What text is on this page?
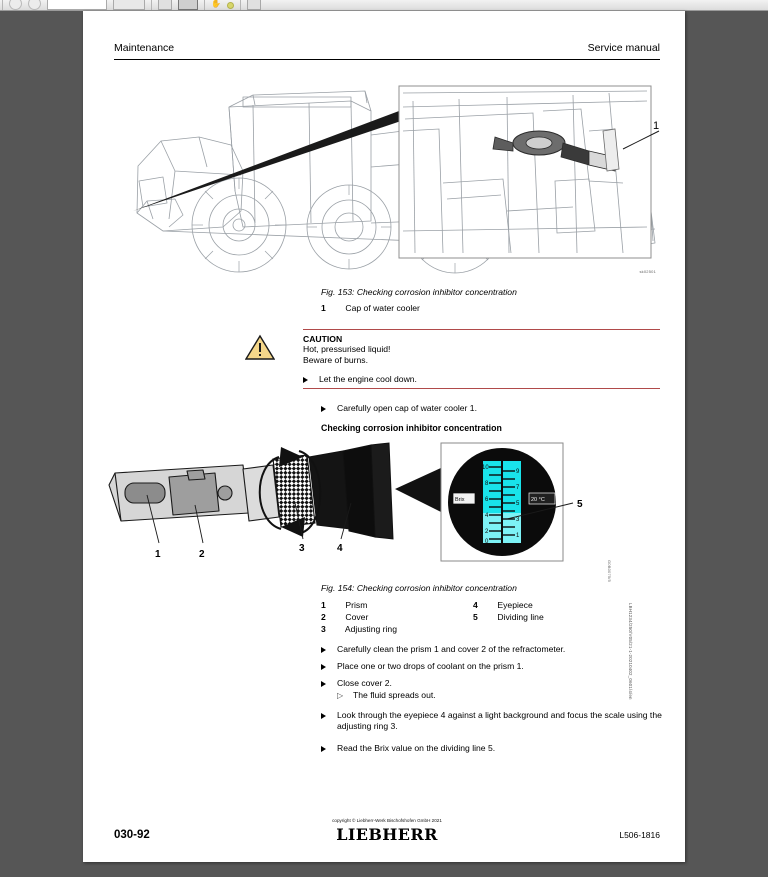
✋
Maintenance	Service manual
1
sk02501
Fig. 153: Checking corrosion inhibitor concentration
1 Cap of water cooler
CAUTION
Hot, pressurised liquid!
Beware of burns.
Let the engine cool down.
Carefully open cap of water cooler 1.
Checking corrosion inhibitor concentration
10
8
6
4
2
0
9
7
5
3
1
%
Brix	20 °C
1	2
3	4
5
G0B0075/5
Fig. 154: Checking corrosion inhibitor concentration
1 Prism
2 Cover
3 Adjusting ring
4 Eyepiece
5 Dividing line
Carefully clean the prism 1 and cover 2 of the refractometer.
Place one or two drops of coolant on the prism 1.
Close cover 2.
▷ The fluid spreads out.
Look through the eyepiece 4 against a light background and focus the scale using the adjusting ring 3.
Read the Brix value on the dividing line 5.
LBH1234/250/V05/21-1-20210402_0601/4/en
030-92
copyright © Liebherr-Werk Bischofshofen GmbH 2021
LIEBHERR	L506-1816
